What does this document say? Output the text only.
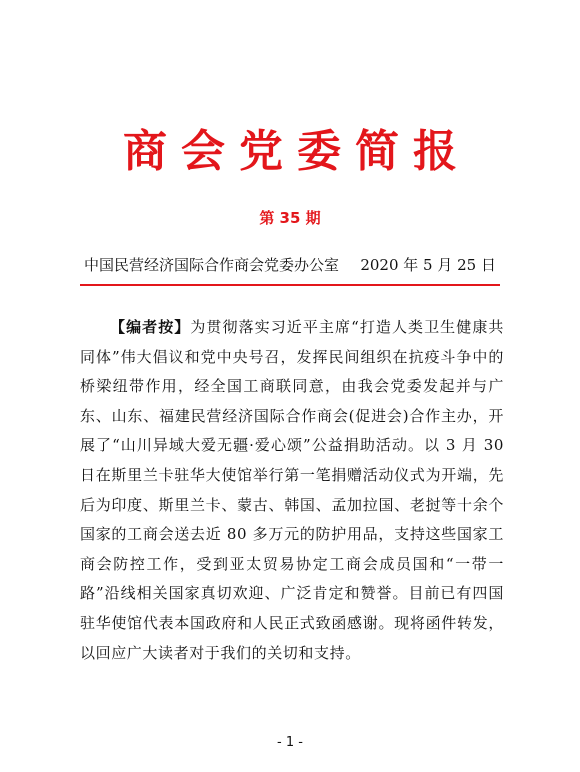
商会党委简报
第 35 期
中国民营经济国际合作商会党委办公室 2020 年 5 月 25 日

【编者按】为贯彻落实习近平主席“打造人类卫生健康共同体”伟大倡议和党中央号召，发挥民间组织在抗疫斗争中的桥梁纽带作用，经全国工商联同意，由我会党委发起并与广东、山东、福建民营经济国际合作商会(促进会)合作主办，开展了“山川异域大爱无疆·爱心颂”公益捐助活动。以 3 月 30 日在斯里兰卡驻华大使馆举行第一笔捐赠活动仪式为开端，先后为印度、斯里兰卡、蒙古、韩国、孟加拉国、老挝等十余个国家的工商会送去近 80 多万元的防护用品，支持这些国家工商会防控工作，受到亚太贸易协定工商会成员国和“一带一路”沿线相关国家真切欢迎、广泛肯定和赞誉。目前已有四国驻华使馆代表本国政府和人民正式致函感谢。现将函件转发，以回应广大读者对于我们的关切和支持。

- 1 -
